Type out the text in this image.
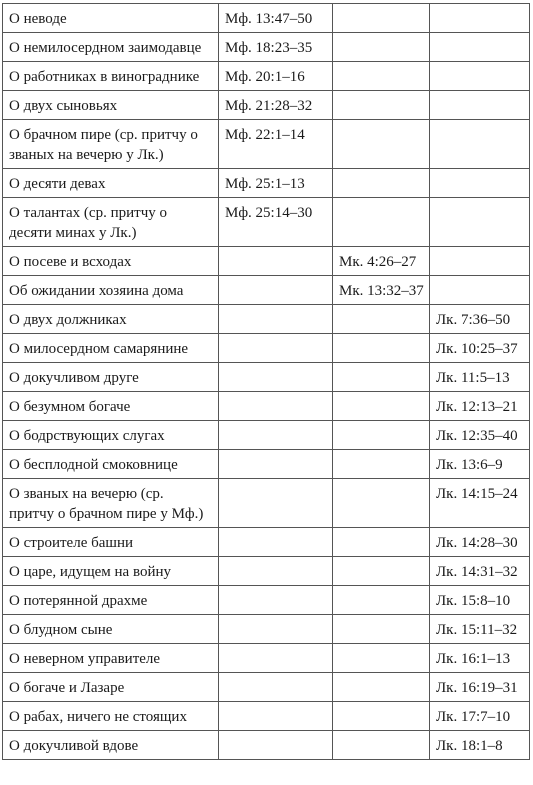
О неводе	Мф. 13:47–50		
О немилосердном заимодавце	Мф. 18:23–35		
О работниках в винограднике	Мф. 20:1–16		
О двух сыновьях	Мф. 21:28–32		
О брачном пире (ср. притчу о званых на вечерю у Лк.)	Мф. 22:1–14		
О десяти девах	Мф. 25:1–13		
О талантах (ср. притчу о десяти минах у Лк.)	Мф. 25:14–30		
О посеве и всходах		Мк. 4:26–27	
Об ожидании хозяина дома		Мк. 13:32–37	
О двух должниках			Лк. 7:36–50
О милосердном самарянине			Лк. 10:25–37
О докучливом друге			Лк. 11:5–13
О безумном богаче			Лк. 12:13–21
О бодрствующих слугах			Лк. 12:35–40
О бесплодной смоковнице			Лк. 13:6–9
О званых на вечерю (ср. притчу о брачном пире у Мф.)			Лк. 14:15–24
О строителе башни			Лк. 14:28–30
О царе, идущем на войну			Лк. 14:31–32
О потерянной драхме			Лк. 15:8–10
О блудном сыне			Лк. 15:11–32
О неверном управителе			Лк. 16:1–13
О богаче и Лазаре			Лк. 16:19–31
О рабах, ничего не стоящих			Лк. 17:7–10
О докучливой вдове			Лк. 18:1–8
